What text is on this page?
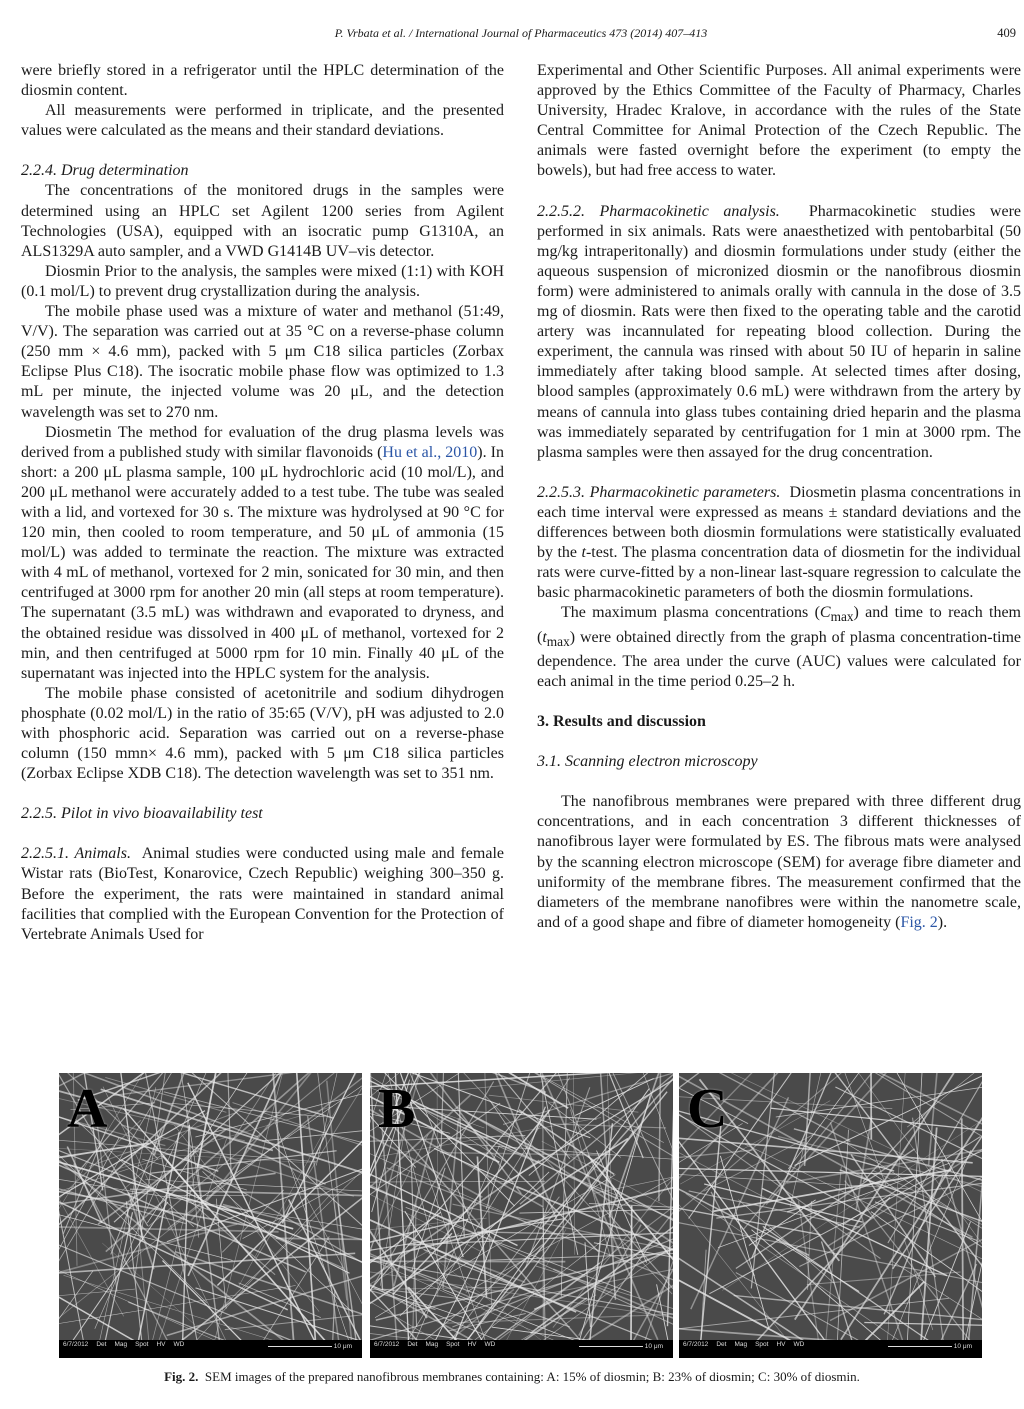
P. Vrbata et al. / International Journal of Pharmaceutics 473 (2014) 407–413	409

were briefly stored in a refrigerator until the HPLC determination of the diosmin content.

All measurements were performed in triplicate, and the presented values were calculated as the means and their standard deviations.

2.2.4. Drug determination

The concentrations of the monitored drugs in the samples were determined using an HPLC set Agilent 1200 series from Agilent Technologies (USA), equipped with an isocratic pump G1310A, an ALS1329A auto sampler, and a VWD G1414B UV–vis detector.

Diosmin Prior to the analysis, the samples were mixed (1:1) with KOH (0.1 mol/L) to prevent drug crystallization during the analysis.

The mobile phase used was a mixture of water and methanol (51:49, V/V). The separation was carried out at 35 °C on a reverse-phase column (250 mm × 4.6 mm), packed with 5 μm C18 silica particles (Zorbax Eclipse Plus C18). The isocratic mobile phase flow was optimized to 1.3 mL per minute, the injected volume was 20 μL, and the detection wavelength was set to 270 nm.

Diosmetin The method for evaluation of the drug plasma levels was derived from a published study with similar flavonoids (Hu et al., 2010). In short: a 200 μL plasma sample, 100 μL hydrochloric acid (10 mol/L), and 200 μL methanol were accurately added to a test tube. The tube was sealed with a lid, and vortexed for 30 s. The mixture was hydrolysed at 90 °C for 120 min, then cooled to room temperature, and 50 μL of ammonia (15 mol/L) was added to terminate the reaction. The mixture was extracted with 4 mL of methanol, vortexed for 2 min, sonicated for 30 min, and then centrifuged at 3000 rpm for another 20 min (all steps at room temperature). The supernatant (3.5 mL) was withdrawn and evaporated to dryness, and the obtained residue was dissolved in 400 μL of methanol, vortexed for 2 min, and then centrifuged at 5000 rpm for 10 min. Finally 40 μL of the supernatant was injected into the HPLC system for the analysis.

The mobile phase consisted of acetonitrile and sodium dihydrogen phosphate (0.02 mol/L) in the ratio of 35:65 (V/V), pH was adjusted to 2.0 with phosphoric acid. Separation was carried out on a reverse-phase column (150 mmn× 4.6 mm), packed with 5 μm C18 silica particles (Zorbax Eclipse XDB C18). The detection wavelength was set to 351 nm.

2.2.5. Pilot in vivo bioavailability test

2.2.5.1. Animals. Animal studies were conducted using male and female Wistar rats (BioTest, Konarovice, Czech Republic) weighing 300–350 g. Before the experiment, the rats were maintained in standard animal facilities that complied with the European Convention for the Protection of Vertebrate Animals Used for

Experimental and Other Scientific Purposes. All animal experiments were approved by the Ethics Committee of the Faculty of Pharmacy, Charles University, Hradec Kralove, in accordance with the rules of the State Central Committee for Animal Protection of the Czech Republic. The animals were fasted overnight before the experiment (to empty the bowels), but had free access to water.

2.2.5.2. Pharmacokinetic analysis. Pharmacokinetic studies were performed in six animals. Rats were anaesthetized with pentobarbital (50 mg/kg intraperitonally) and diosmin formulations under study (either the aqueous suspension of micronized diosmin or the nanofibrous diosmin form) were administered to animals orally with cannula in the dose of 3.5 mg of diosmin. Rats were then fixed to the operating table and the carotid artery was incannulated for repeating blood collection. During the experiment, the cannula was rinsed with about 50 IU of heparin in saline immediately after taking blood sample. At selected times after dosing, blood samples (approximately 0.6 mL) were withdrawn from the artery by means of cannula into glass tubes containing dried heparin and the plasma was immediately separated by centrifugation for 1 min at 3000 rpm. The plasma samples were then assayed for the drug concentration.

2.2.5.3. Pharmacokinetic parameters. Diosmetin plasma concentrations in each time interval were expressed as means ± standard deviations and the differences between both diosmin formulations were statistically evaluated by the t-test. The plasma concentration data of diosmetin for the individual rats were curve-fitted by a non-linear last-square regression to calculate the basic pharmacokinetic parameters of both the diosmin formulations.

The maximum plasma concentrations $(C_{max})$ and time to reach them $(t_{max})$ were obtained directly from the graph of plasma concentration-time dependence. The area under the curve (AUC) values were calculated for each animal in the time period 0.25–2 h.

3. Results and discussion

3.1. Scanning electron microscopy

The nanofibrous membranes were prepared with three different drug concentrations, and in each concentration 3 different thicknesses of nanofibrous layer were formulated by ES. The fibrous mats were analysed by the scanning electron microscope (SEM) for average fibre diameter and uniformity of the membrane fibres. The measurement confirmed that the diameters of the membrane nanofibres were within the nanometre scale, and of a good shape and fibre of diameter homogeneity (Fig. 2).

A
6/7/2012 Det Mag Spot HV WD	10 μm
B
6/7/2012 Det Mag Spot HV WD	10 μm
C
6/7/2012 Det Mag Spot HV WD	10 μm
Fig. 2. SEM images of the prepared nanofibrous membranes containing: A: 15% of diosmin; B: 23% of diosmin; C: 30% of diosmin.
